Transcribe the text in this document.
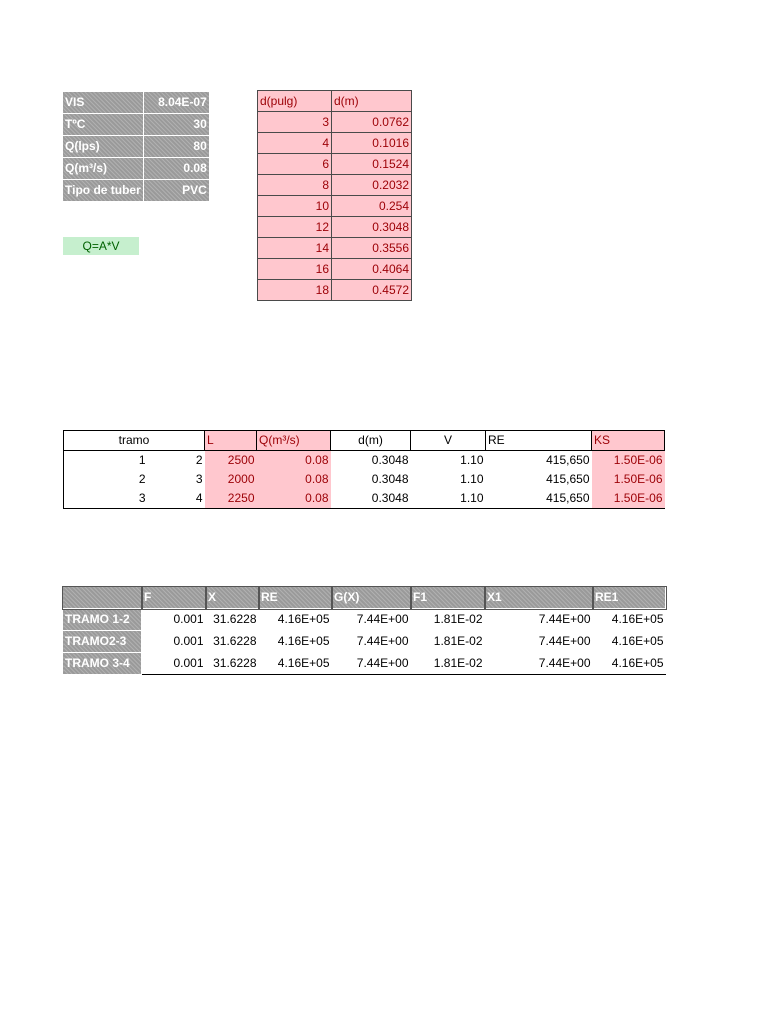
VIS	8.04E-07
TºC	30
Q(lps)	80
Q(m³/s)	0.08
Tipo de tuber	PVC
Q=A*V
d(pulg)	d(m)
3	0.0762
4	0.1016
6	0.1524
8	0.2032
10	0.254
12	0.3048
14	0.3556
16	0.4064
18	0.4572
tramo		L	Q(m³/s)	d(m)	V	RE	KS
1	2	2500	0.08	0.3048	1.10	415,650	1.50E-06
2	3	2000	0.08	0.3048	1.10	415,650	1.50E-06
3	4	2250	0.08	0.3048	1.10	415,650	1.50E-06
	F	X	RE	G(X)	F1	X1	RE1
TRAMO 1-2	0.001	31.6228	4.16E+05	7.44E+00	1.81E-02	7.44E+00	4.16E+05
TRAMO2-3	0.001	31.6228	4.16E+05	7.44E+00	1.81E-02	7.44E+00	4.16E+05
TRAMO 3-4	0.001	31.6228	4.16E+05	7.44E+00	1.81E-02	7.44E+00	4.16E+05
